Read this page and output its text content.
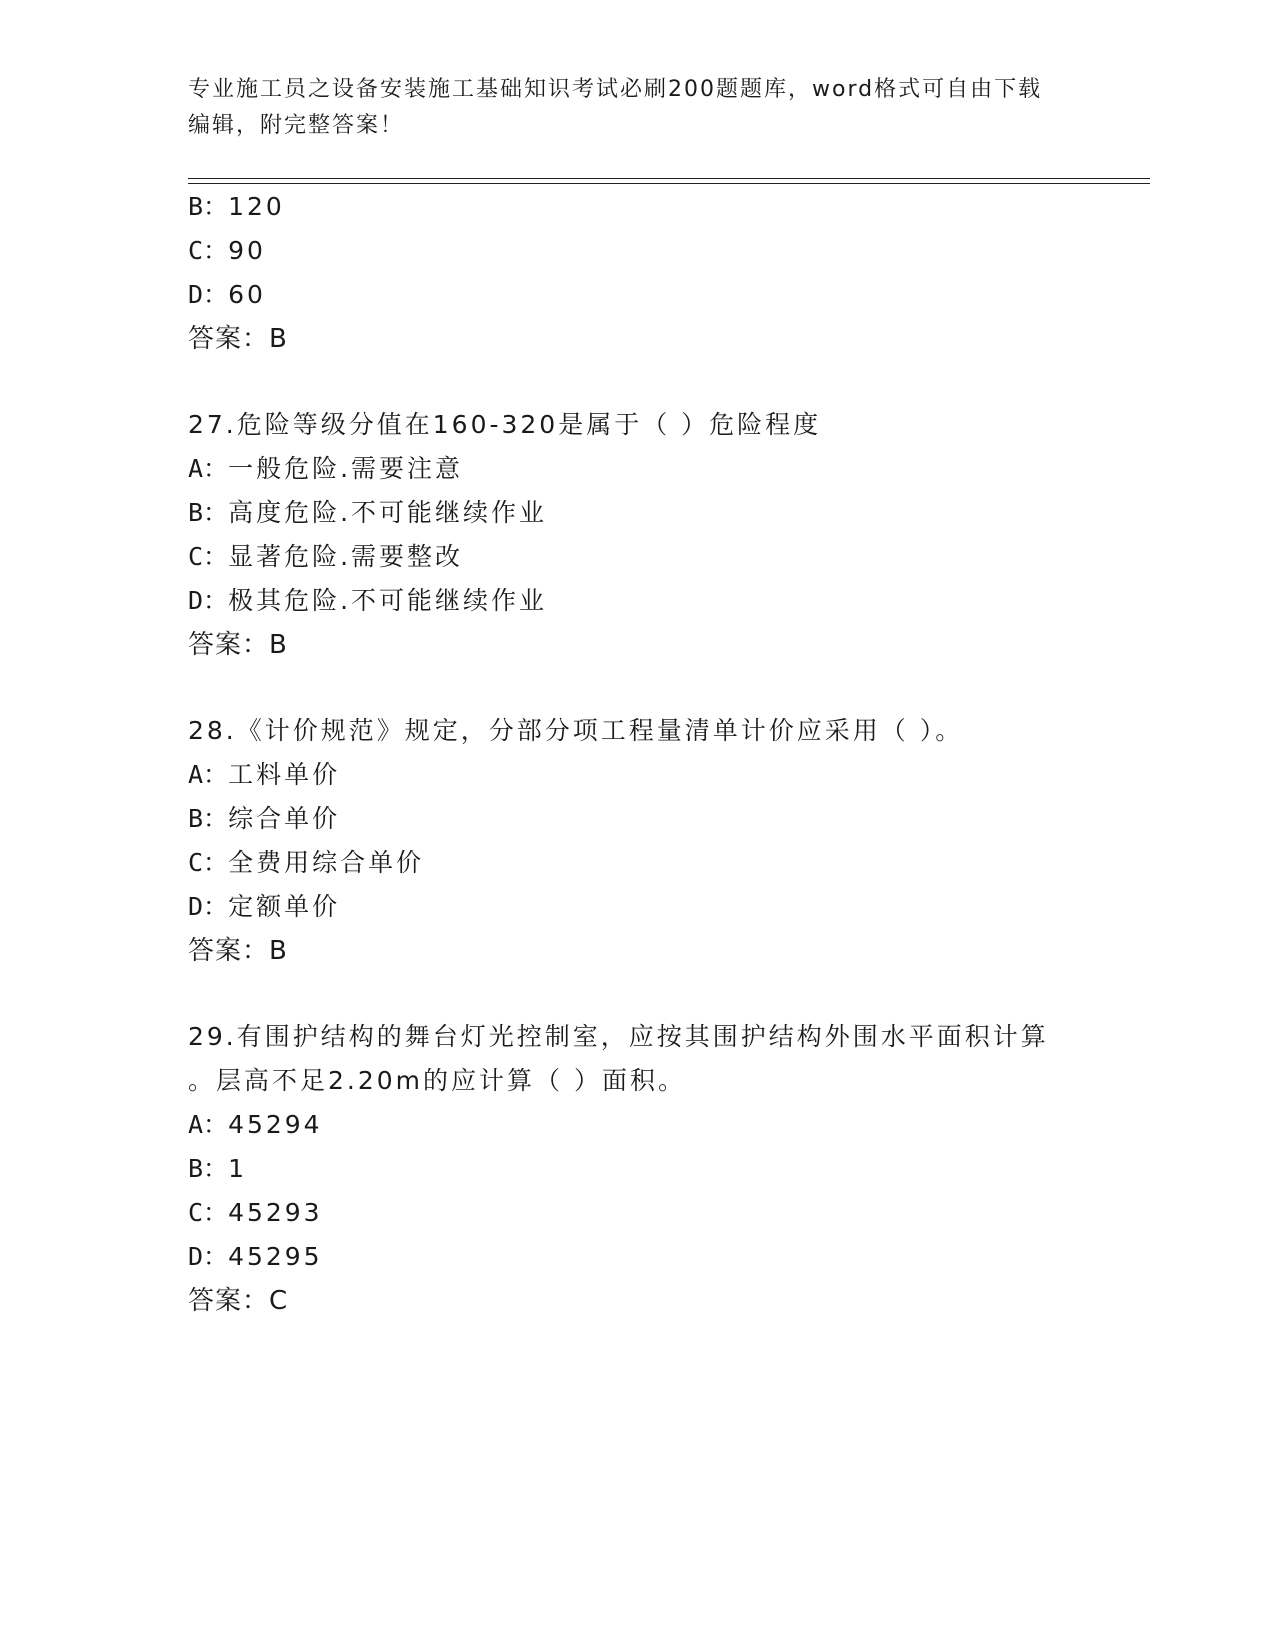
专业施工员之设备安装施工基础知识考试必刷200题题库，word格式可自由下载
编辑，附完整答案！
B：120
C：90
D：60
答案：B
27.危险等级分值在160-320是属于（ ）危险程度
A：一般危险.需要注意
B：高度危险.不可能继续作业
C：显著危险.需要整改
D：极其危险.不可能继续作业
答案：B
28.《计价规范》规定，分部分项工程量清单计价应采用（ ）。
A：工料单价
B：综合单价
C：全费用综合单价
D：定额单价
答案：B
29.有围护结构的舞台灯光控制室，应按其围护结构外围水平面积计算
。层高不足2.20m的应计算（ ）面积。
A：45294
B：1
C：45293
D：45295
答案：C
